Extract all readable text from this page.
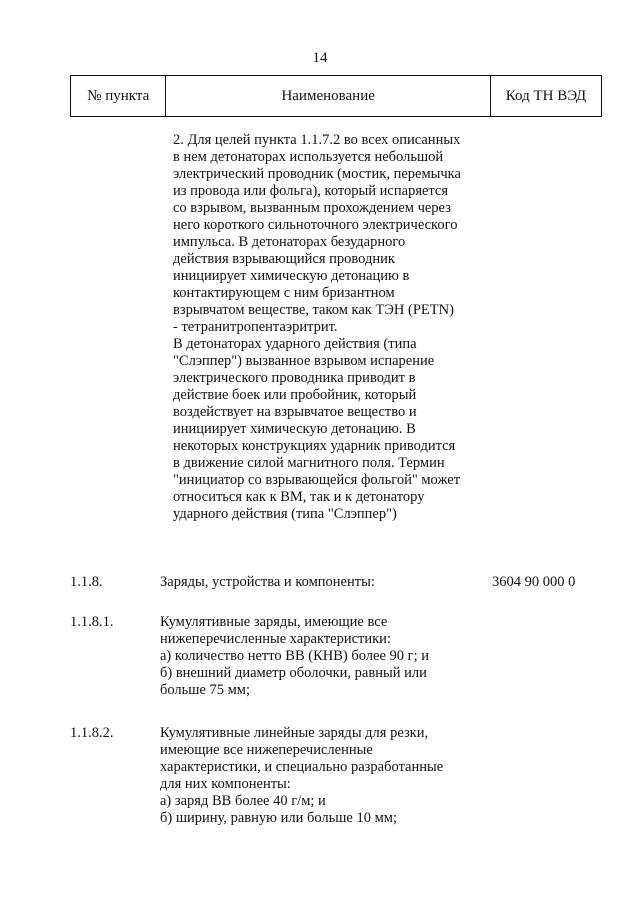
14
№ пункта	Наименование	Код ТН ВЭД
2. Для целей пункта 1.1.7.2 во всех описанных
в нем детонаторах используется небольшой
электрический проводник (мостик, перемычка
из провода или фольга), который испаряется
со взрывом, вызванным прохождением через
него короткого сильноточного электрического
импульса. В детонаторах безударного
действия взрывающийся проводник
инициирует химическую детонацию в
контактирующем с ним бризантном
взрывчатом веществе, таком как ТЭН (PETN)
- тетранитропентаэритрит.
В детонаторах ударного действия (типа
"Слэппер") вызванное взрывом испарение
электрического проводника приводит в
действие боек или пробойник, который
воздействует на взрывчатое вещество и
инициирует химическую детонацию. В
некоторых конструкциях ударник приводится
в движение силой магнитного поля. Термин
"инициатор со взрывающейся фольгой" может
относиться как к ВМ, так и к детонатору
ударного действия (типа "Слэппер")
1.1.8.	Заряды, устройства и компоненты:	3604 90 000 0
1.1.8.1.	Кумулятивные заряды, имеющие все
нижеперечисленные характеристики:
а) количество нетто ВВ (КНВ) более 90 г; и
б) внешний диаметр оболочки, равный или
больше 75 мм;
1.1.8.2.	Кумулятивные линейные заряды для резки,
имеющие все нижеперечисленные
характеристики, и специально разработанные
для них компоненты:
а) заряд ВВ более 40 г/м; и
б) ширину, равную или больше 10 мм;
